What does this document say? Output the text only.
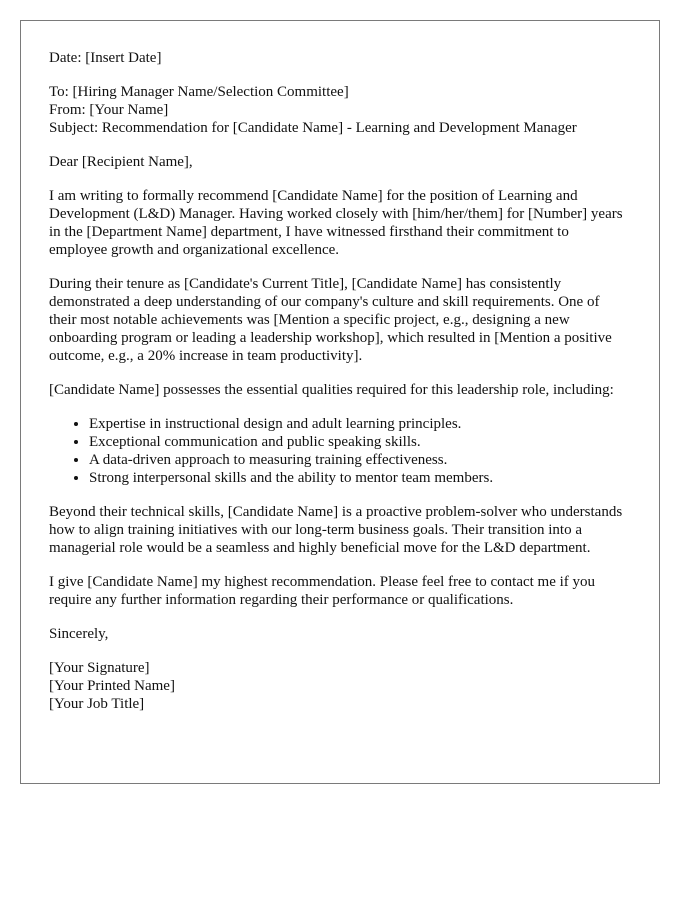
Date: [Insert Date]

To: [Hiring Manager Name/Selection Committee]
From: [Your Name]
Subject: Recommendation for [Candidate Name] - Learning and Development Manager

Dear [Recipient Name],

I am writing to formally recommend [Candidate Name] for the position of Learning and Development (L&D) Manager. Having worked closely with [him/her/them] for [Number] years in the [Department Name] department, I have witnessed firsthand their commitment to employee growth and organizational excellence.

During their tenure as [Candidate's Current Title], [Candidate Name] has consistently demonstrated a deep understanding of our company's culture and skill requirements. One of their most notable achievements was [Mention a specific project, e.g., designing a new onboarding program or leading a leadership workshop], which resulted in [Mention a positive outcome, e.g., a 20% increase in team productivity].

[Candidate Name] possesses the essential qualities required for this leadership role, including:

• Expertise in instructional design and adult learning principles.
• Exceptional communication and public speaking skills.
• A data-driven approach to measuring training effectiveness.
• Strong interpersonal skills and the ability to mentor team members.

Beyond their technical skills, [Candidate Name] is a proactive problem-solver who understands how to align training initiatives with our long-term business goals. Their transition into a managerial role would be a seamless and highly beneficial move for the L&D department.

I give [Candidate Name] my highest recommendation. Please feel free to contact me if you require any further information regarding their performance or qualifications.

Sincerely,

[Your Signature]
[Your Printed Name]
[Your Job Title]
